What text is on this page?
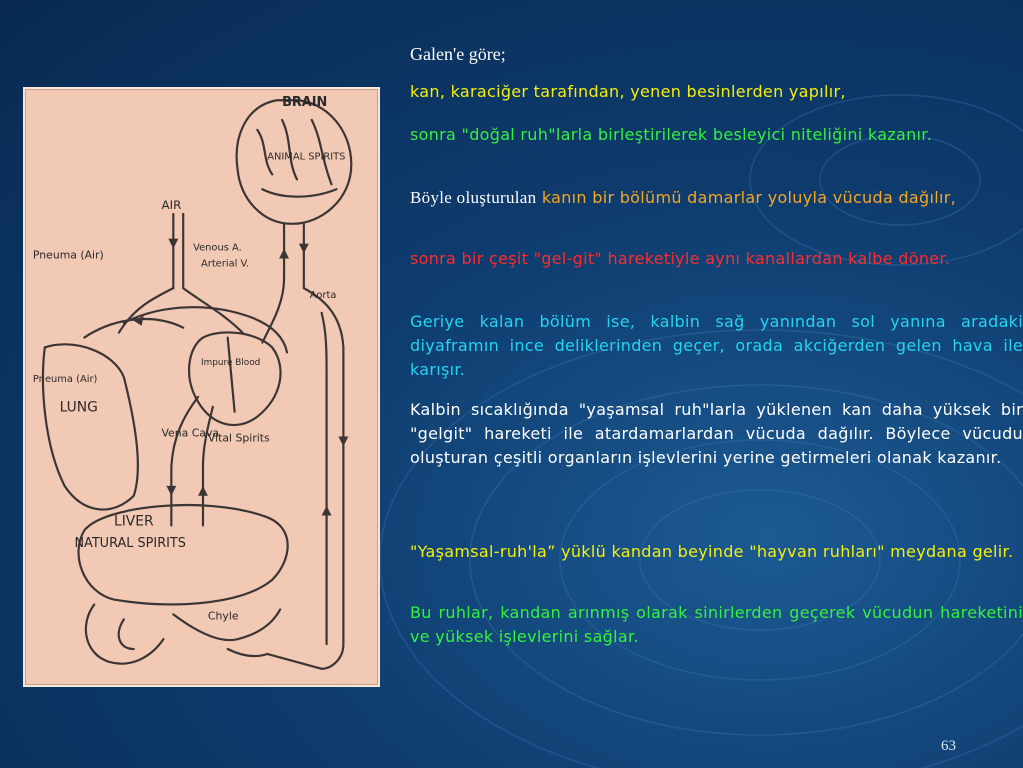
Galen'e göre;
BRAIN
ANIMAL SPIRITS
AIR
Pneuma (Air)
Venous A.
Arterial V.
Aorta
Pneuma (Air)
Impure Blood
LUNG
Vena Cava
Vital Spirits
LIVER
NATURAL SPIRITS
Chyle

kan, karaciğer tarafından, yenen besinlerden yapılır,

sonra "doğal ruh"larla birleştirilerek besleyici niteliğini kazanır.

Böyle oluşturulan kanın bir bölümü damarlar yoluyla vücuda dağılır,

sonra bir çeşit "gel-git" hareketiyle aynı kanallardan kalbe döner.

Geriye kalan bölüm ise, kalbin sağ yanından sol yanına aradaki diyaframın ince deliklerinden geçer, orada akciğerden gelen hava ile karışır.

Kalbin sıcaklığında "yaşamsal ruh"larla yüklenen kan daha yüksek bir "gelgit" hareketi ile atardamarlardan vücuda dağılır. Böylece vücudu oluşturan çeşitli organların işlevlerini yerine getirmeleri olanak kazanır.

"Yaşamsal-ruh'la” yüklü kandan beyinde "hayvan ruhları" meydana gelir.

Bu ruhlar, kandan arınmış olarak sinirlerden geçerek vücudun hareketini ve yüksek işlevlerini sağlar.

63
